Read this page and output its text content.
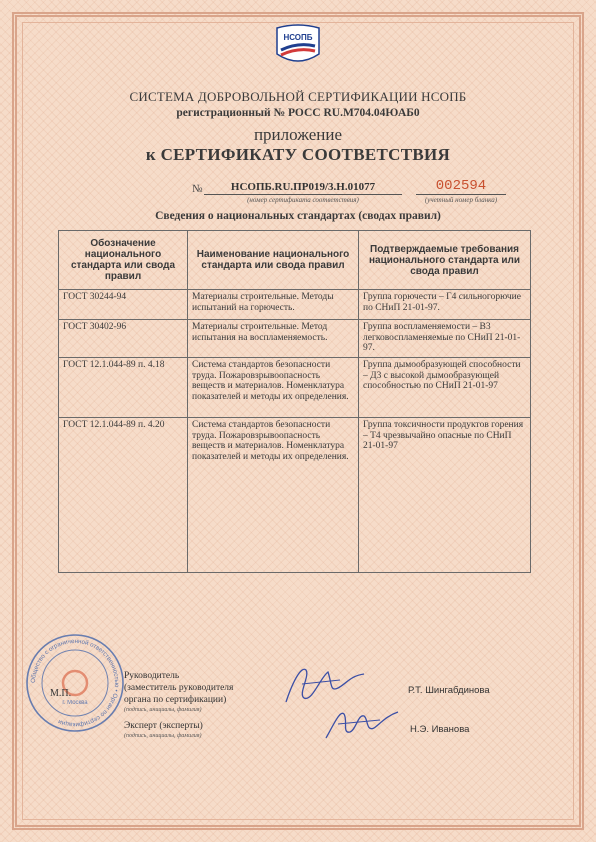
НСОПБ
СИСТЕМА ДОБРОВОЛЬНОЙ СЕРТИФИКАЦИИ НСОПБ
регистрационный № РОСС RU.М704.04ЮАБ0
приложение
к СЕРТИФИКАТУ СООТВЕТСТВИЯ
№	НСОПБ.RU.ПР019/3.Н.01077
(номер сертификата соответствия)
002594
(учетный номер бланка)
Сведения о национальных стандартах (сводах правил)
Обозначение национального стандарта или свода правил	Наименование национального стандарта или свода правил	Подтверждаемые требования национального стандарта или свода правил
ГОСТ 30244-94	Материалы строительные. Методы испытаний на горючесть.	Группа горючести – Г4 сильногорючие по СНиП 21-01-97.
ГОСТ 30402-96	Материалы строительные. Метод испытания на воспламеняемость.	Группа воспламеняемости – В3 легковоспламеняемые по СНиП 21-01-97.
ГОСТ 12.1.044-89 п. 4.18	Система стандартов безопасности труда. Пожаровзрывоопасность веществ и материалов. Номенклатура показателей и методы их определения.	Группа дымообразующей способности – Д3 с высокой дымообразующей способностью по СНиП 21-01-97
ГОСТ 12.1.044-89 п. 4.20	Система стандартов безопасности труда. Пожаровзрывоопасность веществ и материалов. Номенклатура показателей и методы их определения.	Группа токсичности продуктов горения – Т4 чрезвычайно опасные по СНиП 21-01-97
Общество с ограниченной ответственностью • Орган по сертификации
г. Москва
М.П.
Руководитель
(заместитель руководителя
органа по сертификации)
(подпись, инициалы, фамилия)
Р.Т. Шингабдинова
Эксперт (эксперты)
(подпись, инициалы, фамилия)
Н.Э. Иванова
